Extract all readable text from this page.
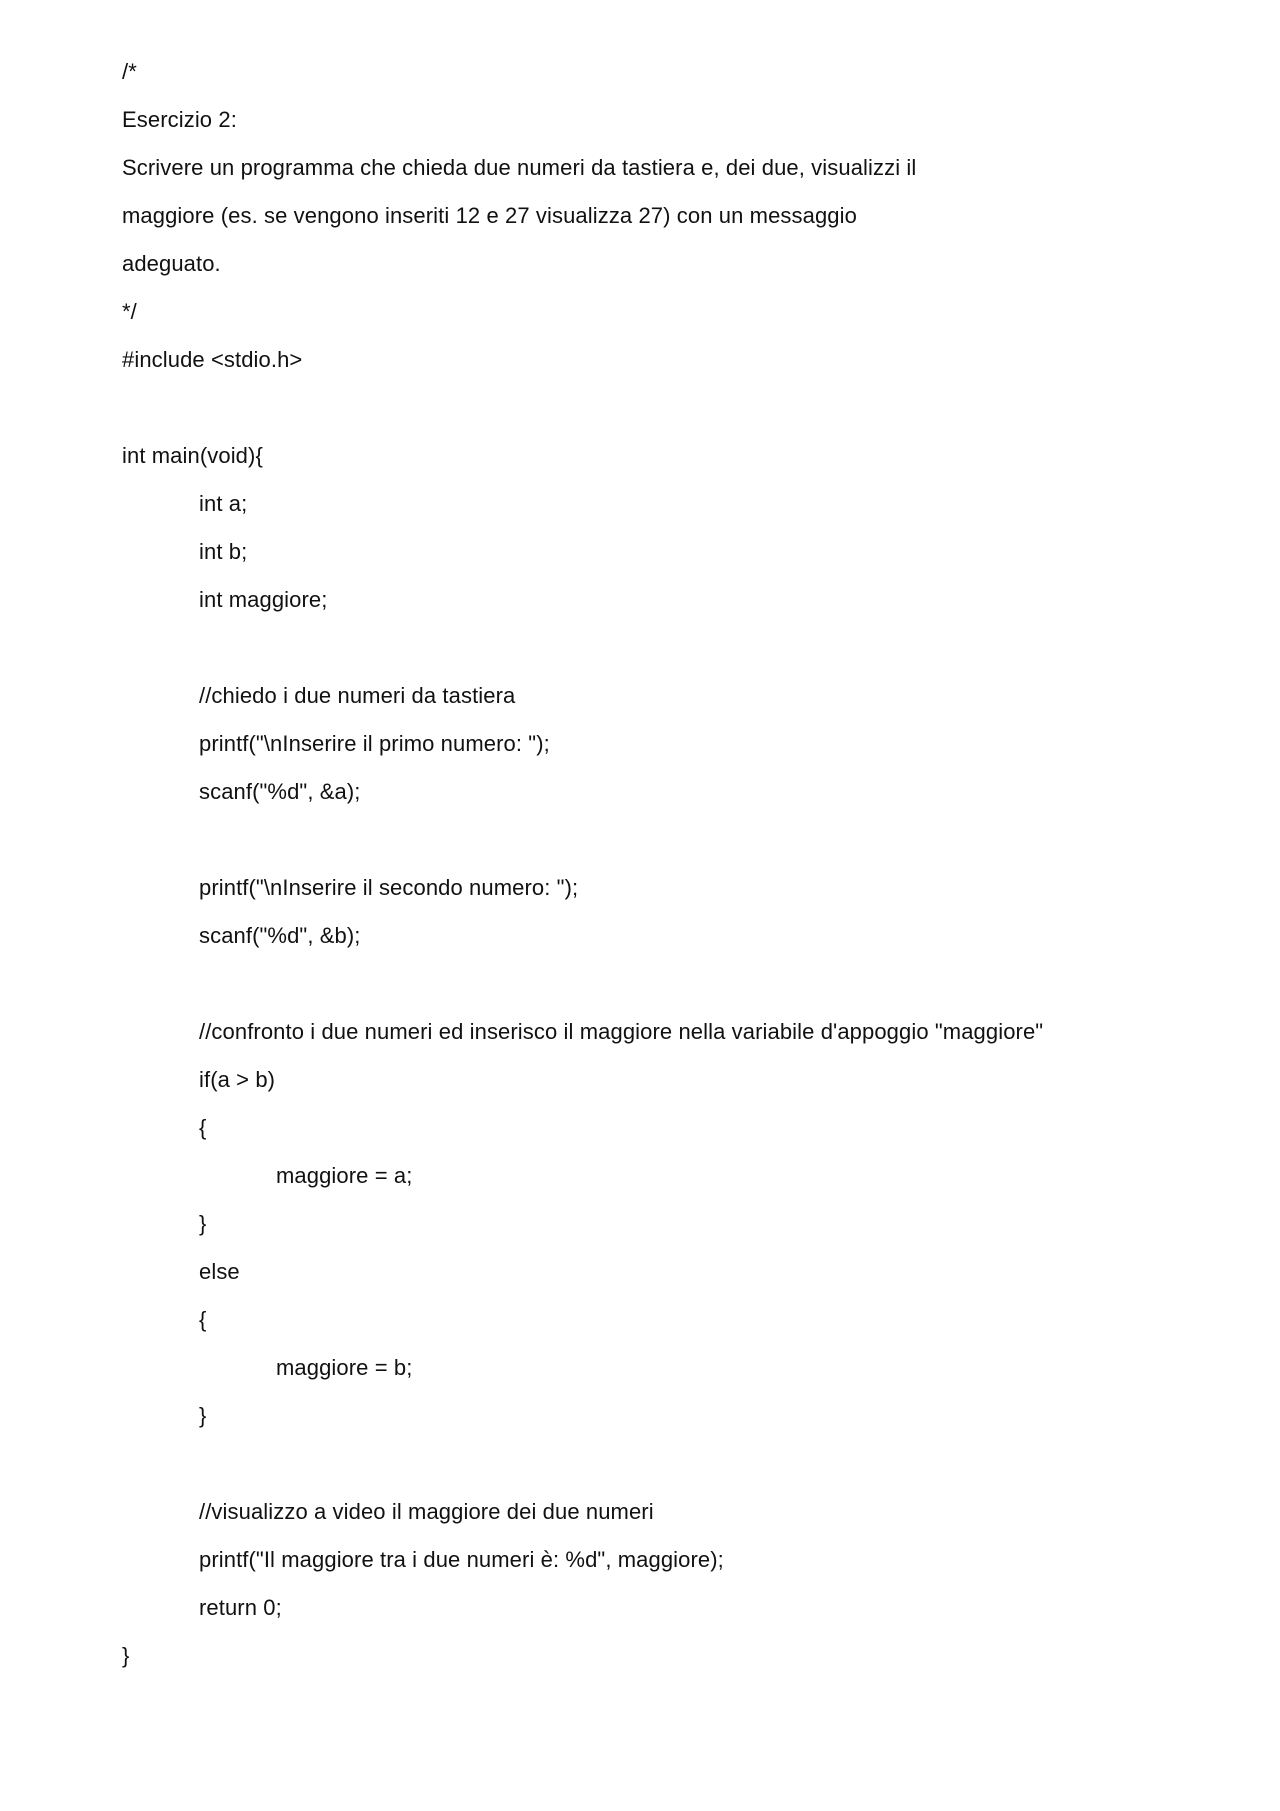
/*
Esercizio 2:
Scrivere un programma che chieda due numeri da tastiera e, dei due, visualizzi il
maggiore (es. se vengono inseriti 12 e 27 visualizza 27) con un messaggio
adeguato.
*/
#include <stdio.h>
int main(void){
int a;
int b;
int maggiore;
//chiedo i due numeri da tastiera
printf("\nInserire il primo numero: ");
scanf("%d", &a);
printf("\nInserire il secondo numero: ");
scanf("%d", &b);
//confronto i due numeri ed inserisco il maggiore nella variabile d'appoggio "maggiore"
if(a > b)
{
maggiore = a;
}
else
{
maggiore = b;
}
//visualizzo a video il maggiore dei due numeri
printf("Il maggiore tra i due numeri è: %d", maggiore);
return 0;
}
